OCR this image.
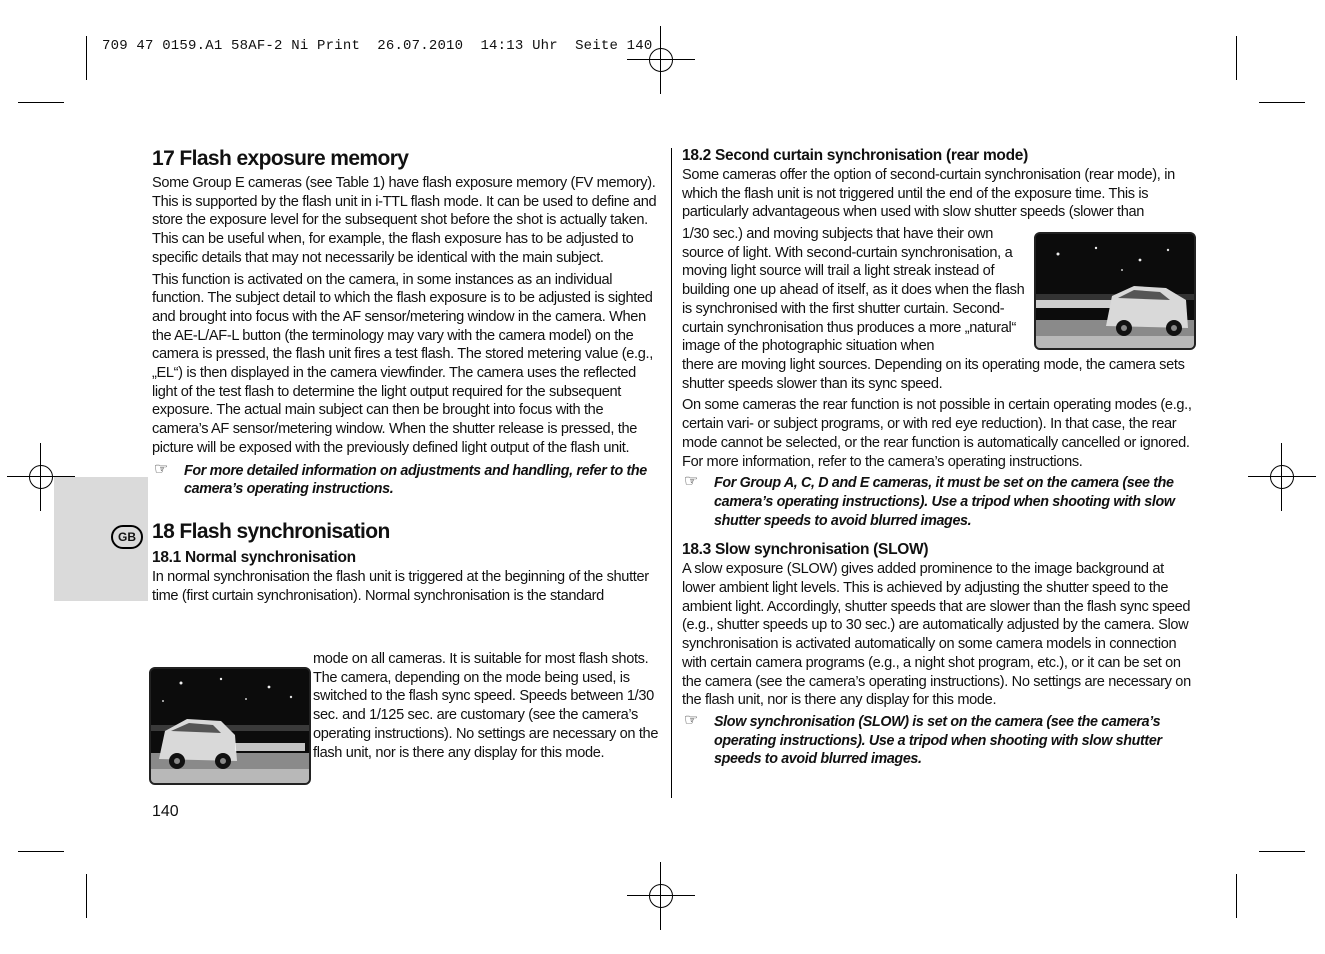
709 47 0159.A1 58AF-2 Ni Print  26.07.2010  14:13 Uhr  Seite 140
GB
17 Flash exposure memory

Some Group E cameras (see Table 1) have flash exposure memory (FV memory). This is supported by the flash unit in i-TTL flash mode. It can be used to define and store the exposure level for the subsequent shot before the shot is actually taken. This can be useful when, for example, the flash exposure has to be adjusted to specific details that may not necessarily be identical with the main subject.

This function is activated on the camera, in some instances as an individual function. The subject detail to which the flash exposure is to be adjusted is sighted and brought into focus with the AF sensor/metering window in the camera. When the AE-L/AF-L button (the terminology may vary with the camera model) on the camera is pressed, the flash unit fires a test flash. The stored metering value (e.g., „EL“) is then displayed in the camera viewfinder. The camera uses the reflected light of the test flash to determine the light output required for the subsequent exposure. The actual main subject can then be brought into focus with the camera’s AF sensor/metering window. When the shutter release is pressed, the picture will be exposed with the previously defined light output of the flash unit.

☞ For more detailed information on adjustments and handling, refer to the camera’s operating instructions.
18 Flash synchronisation
18.1 Normal synchronisation

In normal synchronisation the flash unit is triggered at the beginning of the shutter time (first curtain synchronisation). Normal synchronisation is the standard

mode on all cameras. It is suitable for most flash shots. The camera, depending on the mode being used, is switched to the flash sync speed. Speeds between 1/30 sec. and 1/125 sec. are customary (see the camera’s operating instructions). No settings are necessary on the flash unit, nor is there any display for this mode.

140
18.2 Second curtain synchronisation (rear mode)

Some cameras offer the option of second-curtain synchronisation (rear mode), in which the flash unit is not triggered until the end of the exposure time. This is particularly advantageous when used with slow shutter speeds (slower than

1/30 sec.) and moving subjects that have their own source of light. With second-curtain synchronisation, a moving light source will trail a light streak instead of building one up ahead of itself, as it does when the flash is synchronised with the first shutter curtain. Second-curtain synchronisation thus produces a more „natural“ image of the photographic situation when

there are moving light sources. Depending on its operating mode, the camera sets shutter speeds slower than its sync speed.

On some cameras the rear function is not possible in certain operating modes (e.g., certain vari- or subject programs, or with red eye reduction). In that case, the rear mode cannot be selected, or the rear function is automatically cancelled or ignored. For more information, refer to the camera’s operating instructions.

☞ For Group A, C, D and E cameras, it must be set on the camera (see the camera’s operating instructions). Use a tripod when shooting with slow shutter speeds to avoid blurred images.
18.3 Slow synchronisation (SLOW)

A slow exposure (SLOW) gives added prominence to the image background at lower ambient light levels. This is achieved by adjusting the shutter speed to the ambient light. Accordingly, shutter speeds that are slower than the flash sync speed (e.g., shutter speeds up to 30 sec.) are automatically adjusted by the camera. Slow synchronisation is activated automatically on some camera models in connection with certain camera programs (e.g., a night shot program, etc.), or it can be set on the camera (see the camera’s operating instructions). No settings are necessary on the flash unit, nor is there any display for this mode.

☞ Slow synchronisation (SLOW) is set on the camera (see the camera’s operating instructions). Use a tripod when shooting with slow shutter speeds to avoid blurred images.
